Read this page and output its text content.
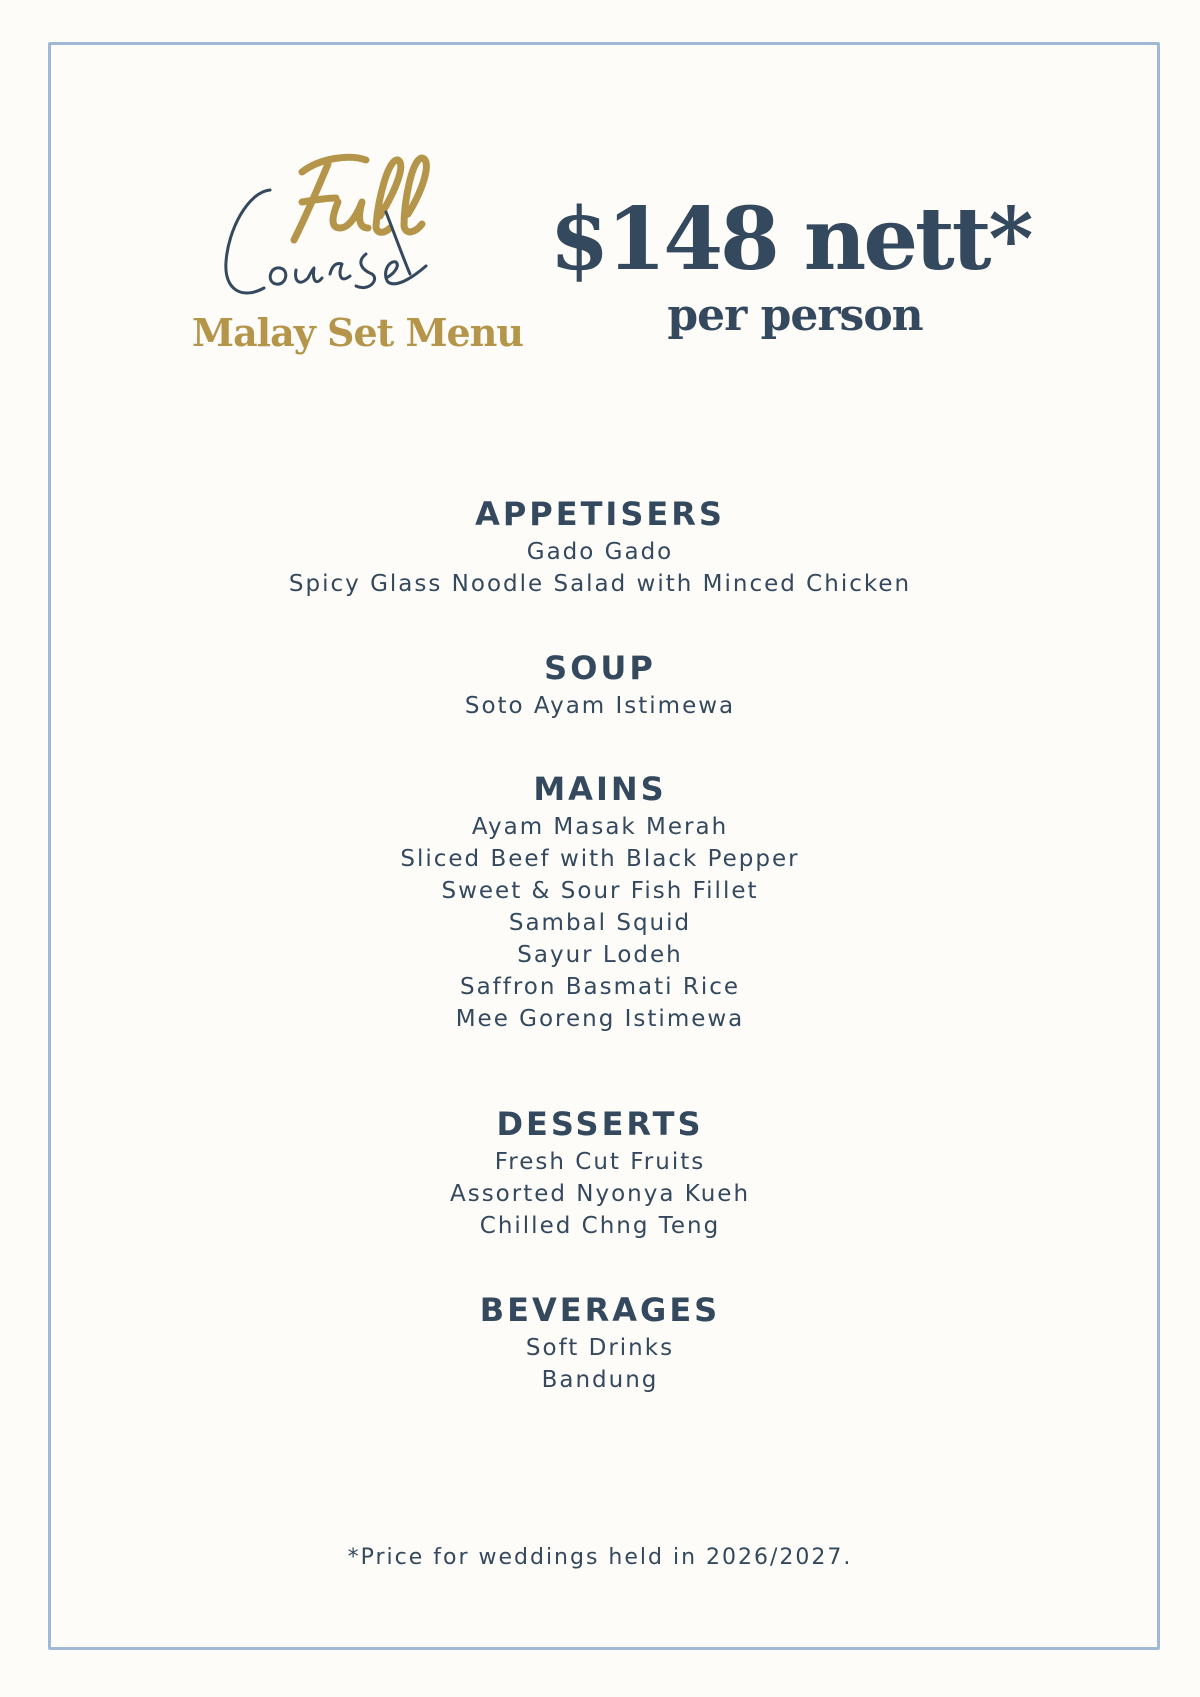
Malay Set Menu
$148 nett*
per person
APPETISERS
Gado Gado
Spicy Glass Noodle Salad with Minced Chicken
SOUP
Soto Ayam Istimewa
MAINS
Ayam Masak Merah
Sliced Beef with Black Pepper
Sweet & Sour Fish Fillet
Sambal Squid
Sayur Lodeh
Saffron Basmati Rice
Mee Goreng Istimewa
DESSERTS
Fresh Cut Fruits
Assorted Nyonya Kueh
Chilled Chng Teng
BEVERAGES
Soft Drinks
Bandung
*Price for weddings held in 2026/2027.
